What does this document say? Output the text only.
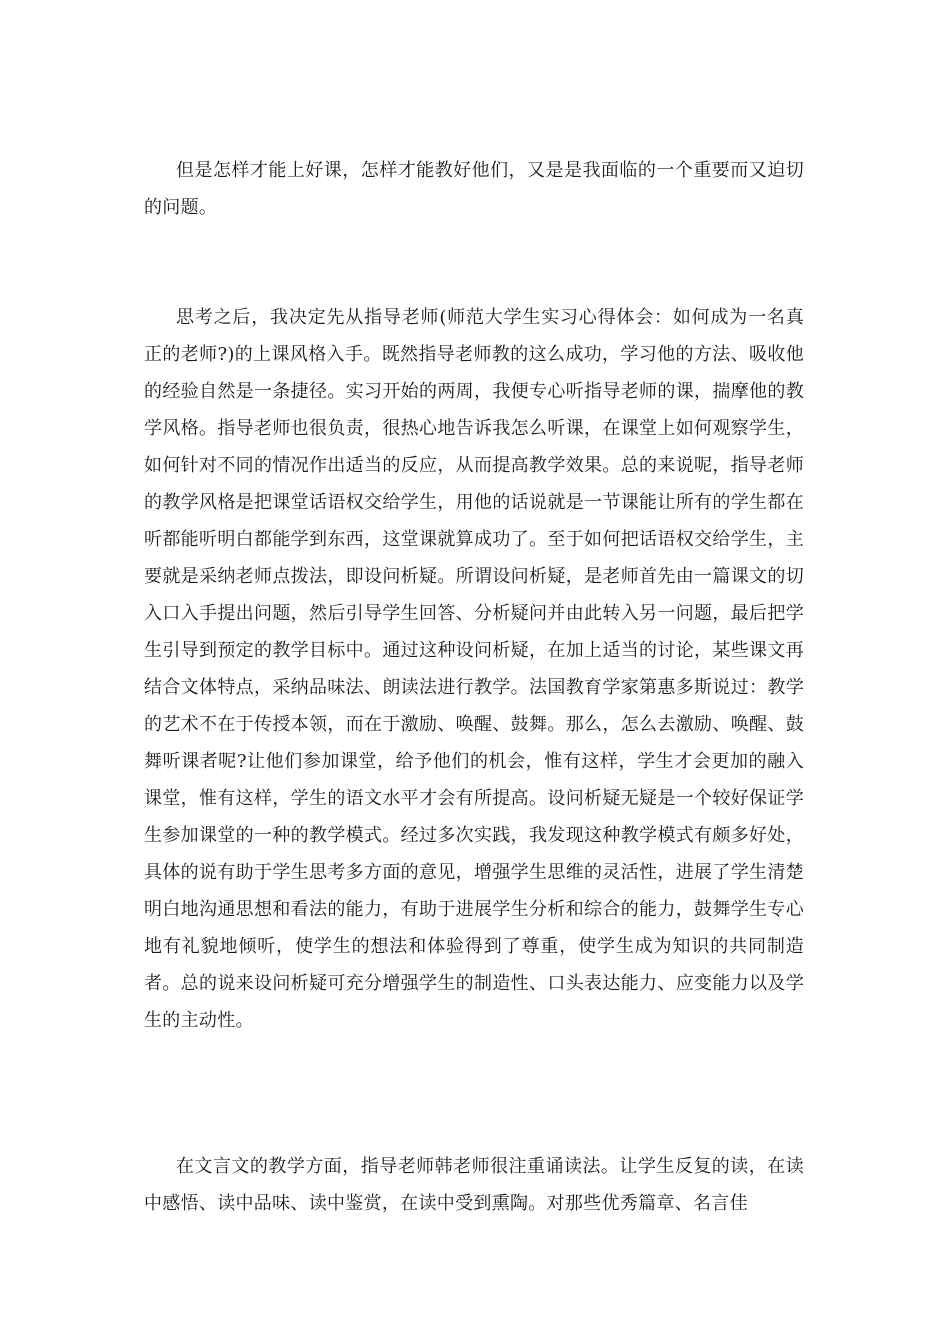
但是怎样才能上好课，怎样才能教好他们，又是是我面临的一个重要而又迫切的问题。

思考之后，我决定先从指导老师(师范大学生实习心得体会：如何成为一名真正的老师?)的上课风格入手。既然指导老师教的这么成功，学习他的方法、吸收他的经验自然是一条捷径。实习开始的两周，我便专心听指导老师的课，揣摩他的教学风格。指导老师也很负责，很热心地告诉我怎么听课，在课堂上如何观察学生，如何针对不同的情况作出适当的反应，从而提高教学效果。总的来说呢，指导老师的教学风格是把课堂话语权交给学生，用他的话说就是一节课能让所有的学生都在听都能听明白都能学到东西，这堂课就算成功了。至于如何把话语权交给学生，主要就是采纳老师点拨法，即设问析疑。所谓设问析疑，是老师首先由一篇课文的切入口入手提出问题，然后引导学生回答、分析疑问并由此转入另一问题，最后把学生引导到预定的教学目标中。通过这种设问析疑，在加上适当的讨论，某些课文再结合文体特点，采纳品味法、朗读法进行教学。法国教育学家第惠多斯说过：教学的艺术不在于传授本领，而在于激励、唤醒、鼓舞。那么，怎么去激励、唤醒、鼓舞听课者呢?让他们参加课堂，给予他们的机会，惟有这样，学生才会更加的融入课堂，惟有这样，学生的语文水平才会有所提高。设问析疑无疑是一个较好保证学生参加课堂的一种的教学模式。经过多次实践，我发现这种教学模式有颇多好处，具体的说有助于学生思考多方面的意见，增强学生思维的灵活性，进展了学生清楚明白地沟通思想和看法的能力，有助于进展学生分析和综合的能力，鼓舞学生专心地有礼貌地倾听，使学生的想法和体验得到了尊重，使学生成为知识的共同制造者。总的说来设问析疑可充分增强学生的制造性、口头表达能力、应变能力以及学生的主动性。

在文言文的教学方面，指导老师韩老师很注重诵读法。让学生反复的读，在读中感悟、读中品味、读中鉴赏，在读中受到熏陶。对那些优秀篇章、名言佳
